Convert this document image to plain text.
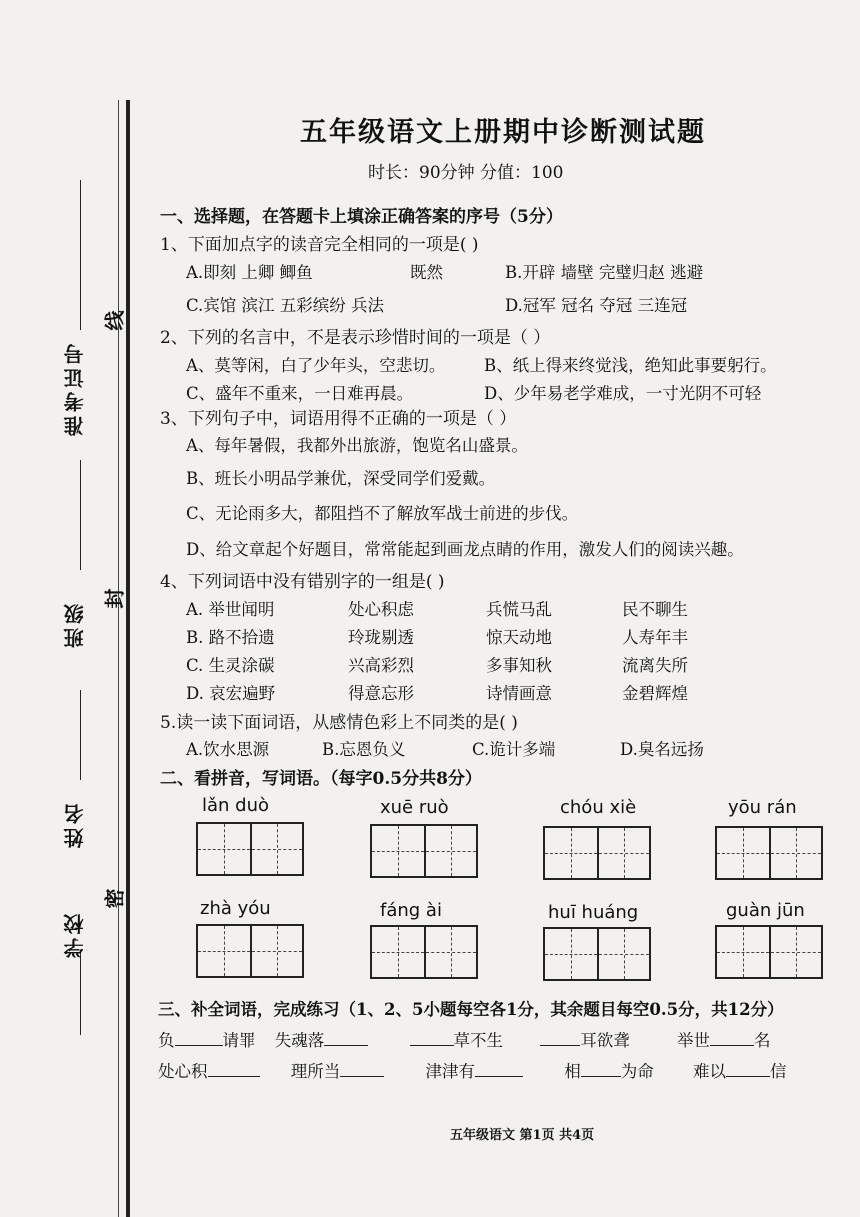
准考证号
线
班级
封
姓名
密
学校
五年级语文上册期中诊断测试题
时长：90分钟 分值：100
一、选择题，在答题卡上填涂正确答案的序号（5分）
1、下面加点字的读音完全相同的一项是( )
A.即刻 上卿 鲫鱼	既然	B.开辟 墙壁 完璧归赵 逃避
C.宾馆 滨江 五彩缤纷 兵法	D.冠军 冠名 夺冠 三连冠
2、下列的名言中，不是表示珍惜时间的一项是（ ）
A、莫等闲，白了少年头，空悲切。 B、纸上得来终觉浅，绝知此事要躬行。
C、盛年不重来，一日难再晨。	D、少年易老学难成，一寸光阴不可轻
3、下列句子中，词语用得不正确的一项是（ ）
A、每年暑假，我都外出旅游，饱览名山盛景。
B、班长小明品学兼优，深受同学们爱戴。
C、无论雨多大，都阻挡不了解放军战士前进的步伐。
D、给文章起个好题目，常常能起到画龙点睛的作用，激发人们的阅读兴趣。
4、下列词语中没有错别字的一组是( )
A. 举世闻明	处心积虑	兵慌马乱	民不聊生
B. 路不拾遗	玲珑剔透	惊天动地	人寿年丰
C. 生灵涂碳	兴高彩烈	多事知秋	流离失所
D. 哀宏遍野	得意忘形	诗情画意	金碧辉煌
5.读一读下面词语，从感情色彩上不同类的是( )
A.饮水思源	B.忘恩负义	C.诡计多端	D.臭名远扬
二、看拼音，写词语。（每字0.5分共8分）
lǎn duò	xuē ruò	chóu xiè	yōu rán
zhà yóu	fáng ài	huī huáng	guàn jūn
三、补全词语，完成练习（1、2、5小题每空各1分，其余题目每空0.5分，共12分）
负	请罪 失魂落	草不生	耳欲聋	举世	名
处心积	理所当	津津有	相 为命 难以	信
五年级语文 第1页 共4页
